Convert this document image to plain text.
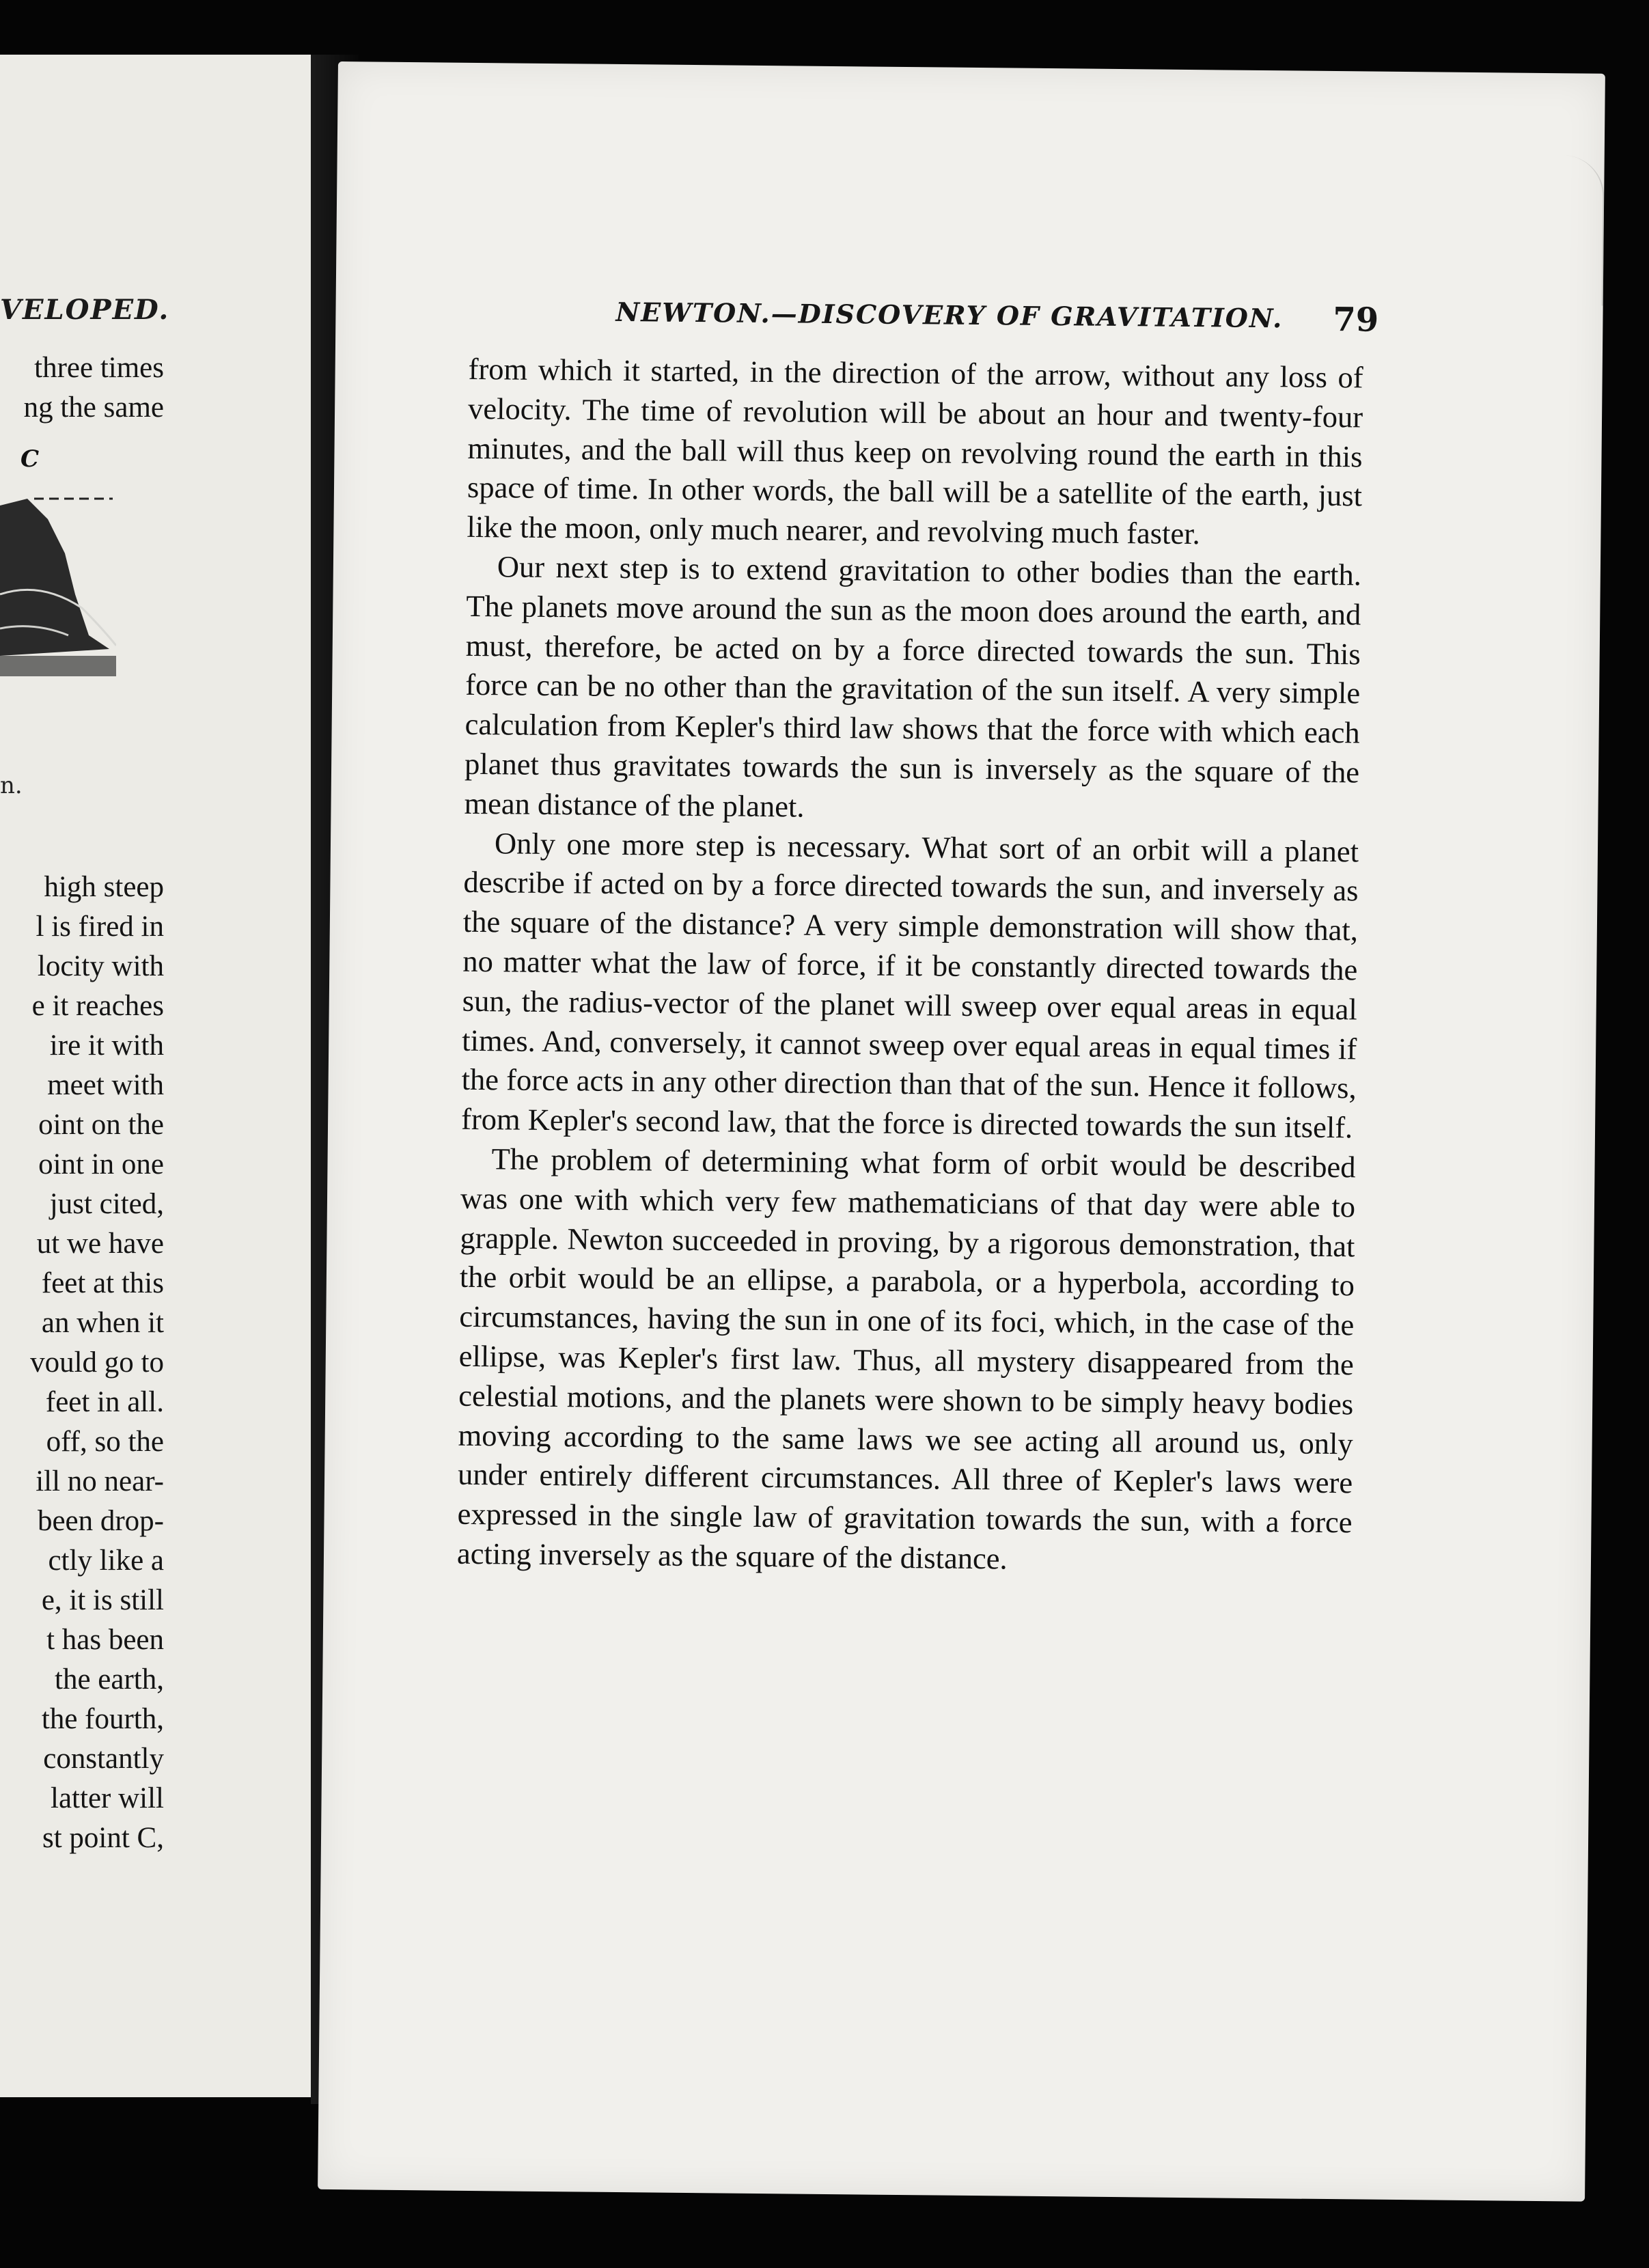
VELOPED.
three times
ng the same
C
n.
high steep
l is fired in
locity with
e it reaches
ire it with
meet with
oint on the
oint in one
just cited,
ut we have
feet at this
an when it
vould go to
feet in all.
off, so the
ill no near-
been drop-
ctly like a
e, it is still
t has been
the earth,
the fourth,
constantly
latter will
st point C,
NEWTON.—DISCOVERY OF GRAVITATION. 79

from which it started, in the direction of the arrow, without any loss of velocity. The time of revolution will be about an hour and twenty-four minutes, and the ball will thus keep on revolving round the earth in this space of time. In other words, the ball will be a satellite of the earth, just like the moon, only much nearer, and revolving much faster.

Our next step is to extend gravitation to other bodies than the earth. The planets move around the sun as the moon does around the earth, and must, therefore, be acted on by a force directed towards the sun. This force can be no other than the gravitation of the sun itself. A very simple calculation from Kepler's third law shows that the force with which each planet thus gravitates towards the sun is inversely as the square of the mean distance of the planet.

Only one more step is necessary. What sort of an orbit will a planet describe if acted on by a force directed towards the sun, and inversely as the square of the distance? A very simple demonstration will show that, no matter what the law of force, if it be constantly directed towards the sun, the radius-vector of the planet will sweep over equal areas in equal times. And, conversely, it cannot sweep over equal areas in equal times if the force acts in any other direction than that of the sun. Hence it follows, from Kepler's second law, that the force is directed towards the sun itself.

The problem of determining what form of orbit would be described was one with which very few mathematicians of that day were able to grapple. Newton succeeded in proving, by a rigorous demonstration, that the orbit would be an ellipse, a parabola, or a hyperbola, according to circumstances, having the sun in one of its foci, which, in the case of the ellipse, was Kepler's first law. Thus, all mystery disappeared from the celestial motions, and the planets were shown to be simply heavy bodies moving according to the same laws we see acting all around us, only under entirely different circumstances. All three of Kepler's laws were expressed in the single law of gravitation towards the sun, with a force acting inversely as the square of the distance.
